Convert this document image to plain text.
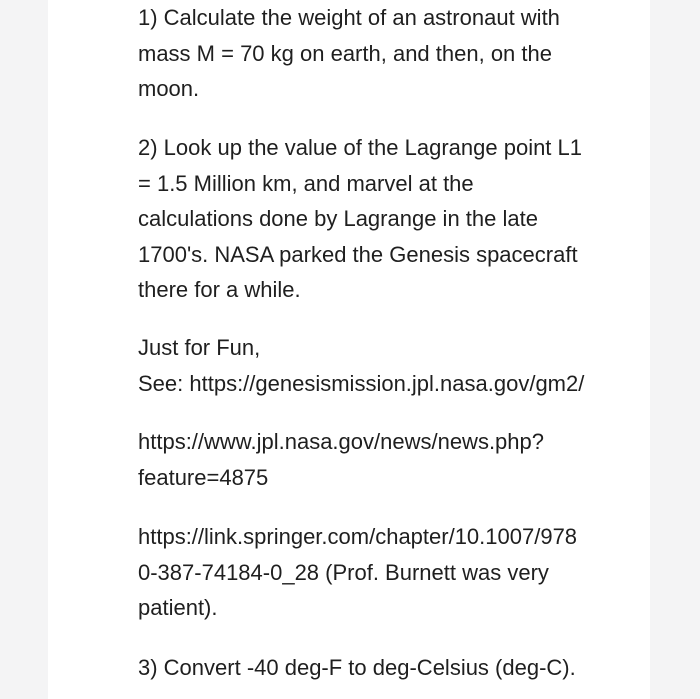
1) Calculate the weight of an astronaut with
mass M = 70 kg on earth, and then, on the
moon.
2) Look up the value of the Lagrange point L1
= 1.5 Million km, and marvel at the
calculations done by Lagrange in the late
1700's. NASA parked the Genesis spacecraft
there for a while.
Just for Fun,
See: https://genesismission.jpl.nasa.gov/gm2/
https://www.jpl.nasa.gov/news/news.php?
feature=4875
https://link.springer.com/chapter/10.1007/978
0-387-74184-0_28 (Prof. Burnett was very
patient).
3) Convert -40 deg-F to deg-Celsius (deg-C).
